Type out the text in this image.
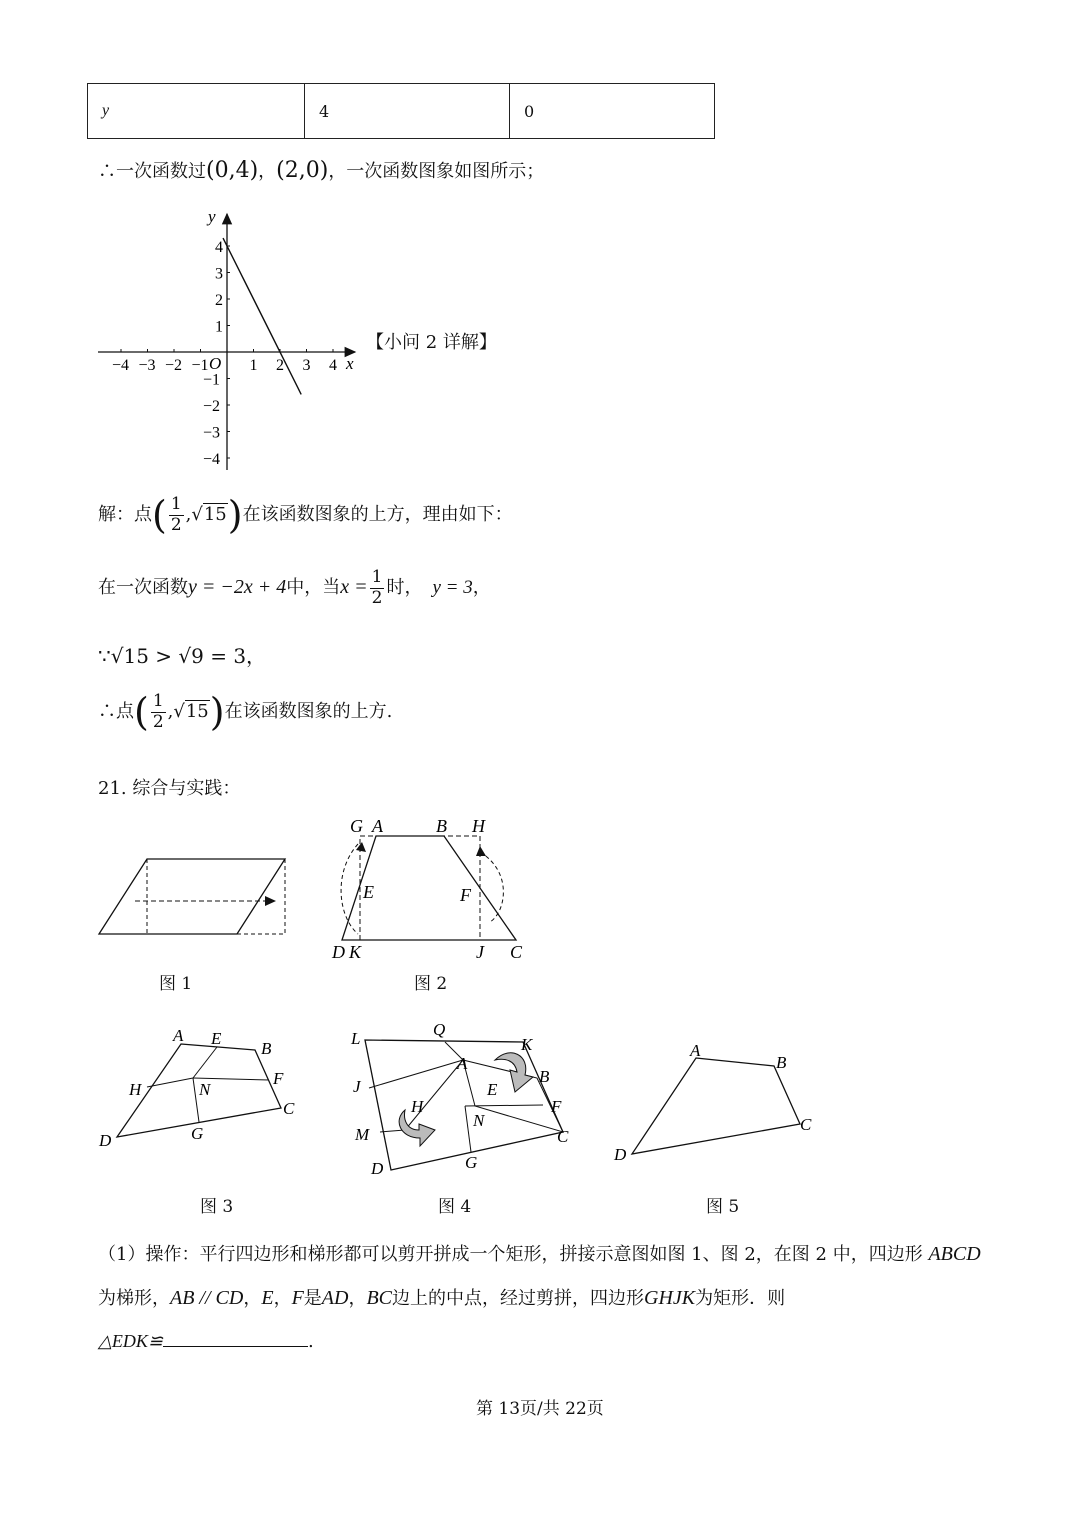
y	4	0
∴一次函数过(0,4)，(2,0)，一次函数图象如图所示；
−4 −3 −2 −1	1 2 3 4
4
3
2
1
−1
−2
−3
−4
x
y
O
【小问 2 详解】
解：点( $\frac{1}{2} ,√15$)在该函数图象的上方，理由如下：
在一次函数y = −2x + 4中，当$x = \frac{1}{2}$ 时， y = 3，
∵√15 > √9 = 3，
∴点( $\frac{1}{2} ,√15$)在该函数图象的上方.
21. 综合与实践：
G A	B H
E	F
D K	J C
图 1	图 2
A E
B
H	N
F
C
D	G
L	Q
K
A
B
J	E
H	F
N
M	C
D	G
A
B
C
D
图 3	图 4	图 5
（1）操作：平行四边形和梯形都可以剪开拼成一个矩形，拼接示意图如图 1、图 2，在图 2 中，四边形 ABCD
为梯形，AB // CD，E，F是AD，BC边上的中点，经过剪拼，四边形GHJK为矩形．则
△EDK≌	.
第 13页/共 22页
